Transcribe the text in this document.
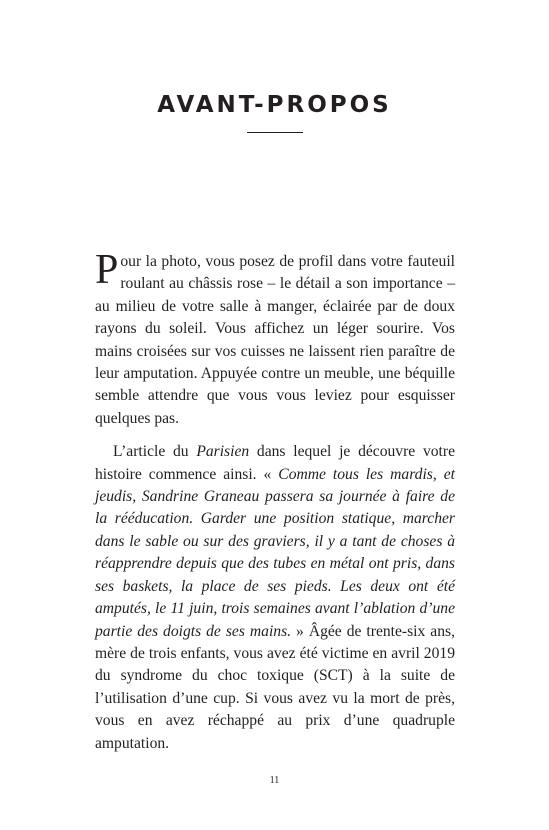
AVANT-PROPOS

Pour la photo, vous posez de profil dans votre fauteuil roulant au châssis rose – le détail a son importance – au milieu de votre salle à manger, éclairée par de doux rayons du soleil. Vous affichez un léger sourire. Vos mains croisées sur vos cuisses ne laissent rien paraître de leur amputation. Appuyée contre un meuble, une béquille semble attendre que vous vous leviez pour esquisser quelques pas.

L’article du Parisien dans lequel je découvre votre histoire commence ainsi. « Comme tous les mardis, et jeudis, Sandrine Graneau passera sa journée à faire de la rééducation. Garder une position statique, marcher dans le sable ou sur des graviers, il y a tant de choses à réapprendre depuis que des tubes en métal ont pris, dans ses baskets, la place de ses pieds. Les deux ont été amputés, le 11 juin, trois semaines avant l’ablation d’une partie des doigts de ses mains. » Âgée de trente-six ans, mère de trois enfants, vous avez été victime en avril 2019 du syndrome du choc toxique (SCT) à la suite de l’utilisation d’une cup. Si vous avez vu la mort de près, vous en avez réchappé au prix d’une quadruple amputation.

11
